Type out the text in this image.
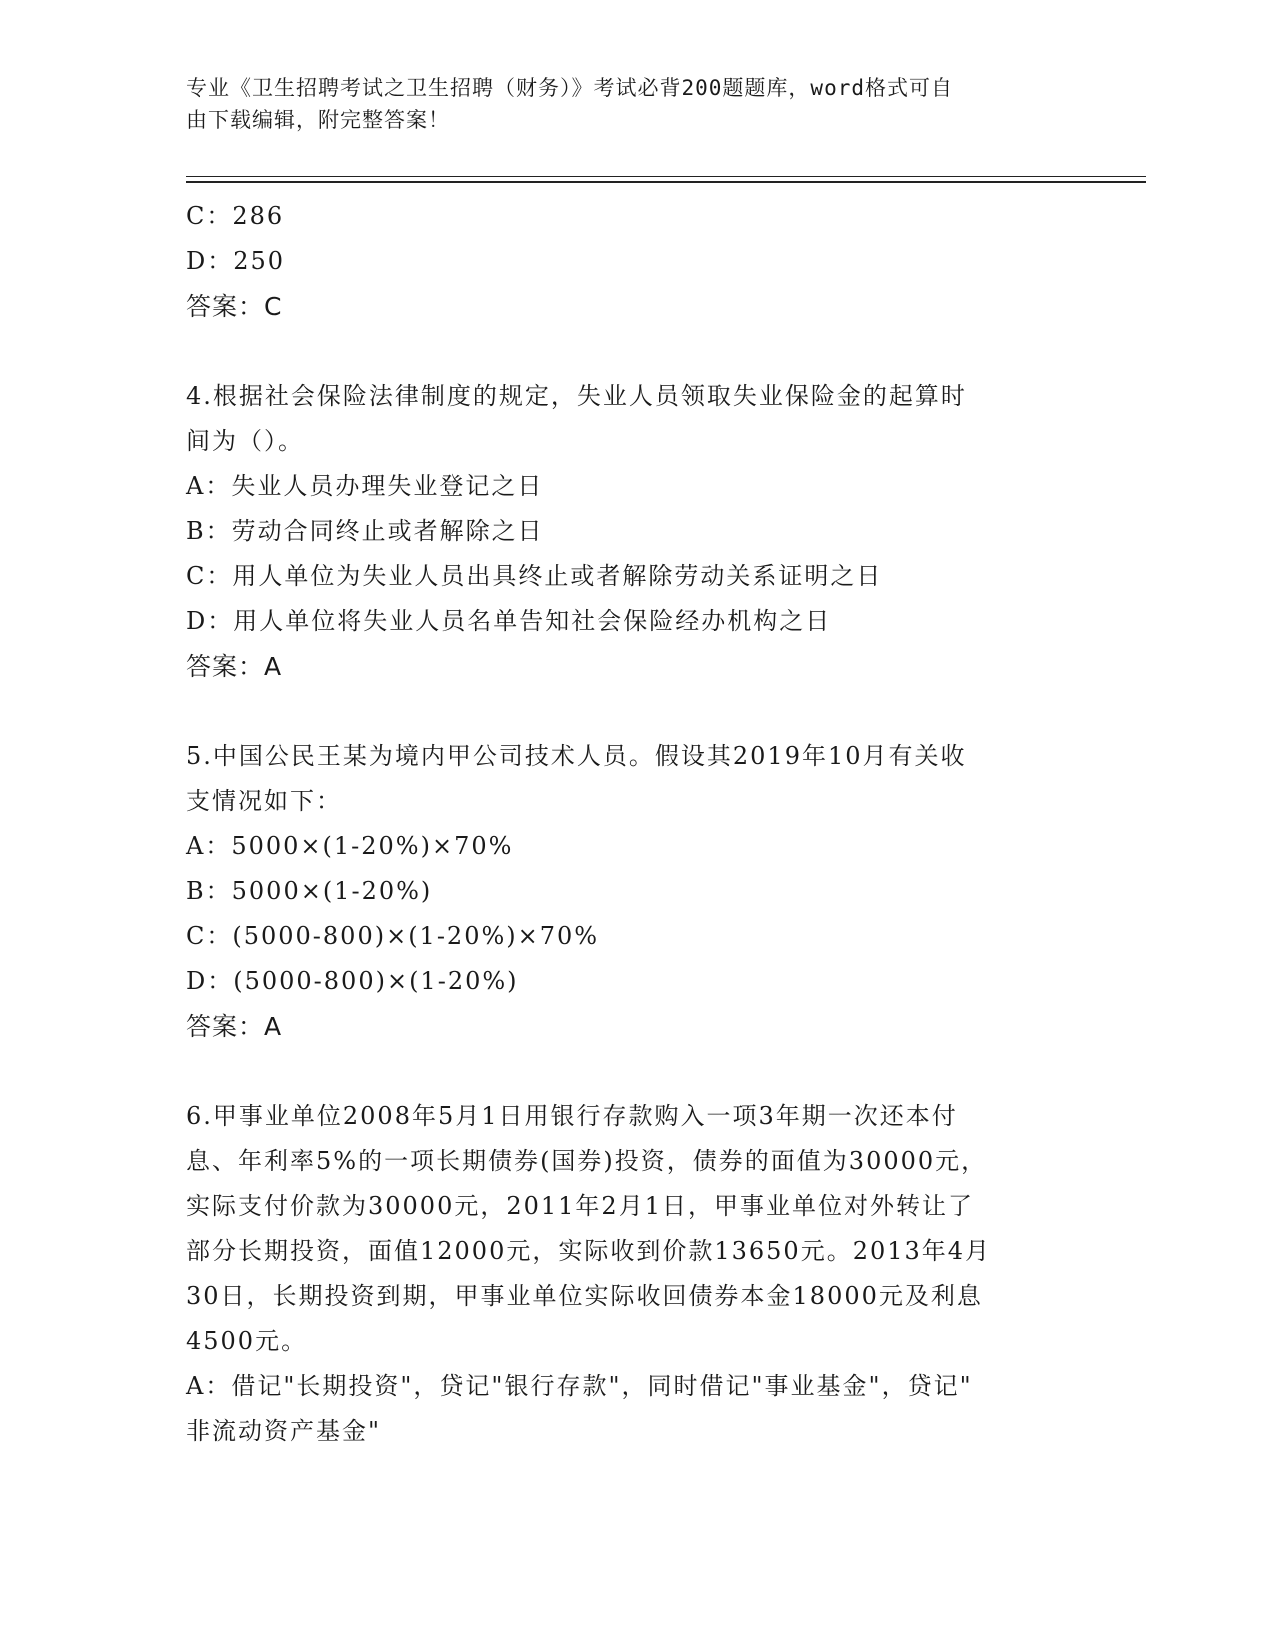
专业《卫生招聘考试之卫生招聘（财务）》考试必背200题题库，word格式可自
由下载编辑，附完整答案！
C：286
D：250
答案：C
4.根据社会保险法律制度的规定，失业人员领取失业保险金的起算时
间为（）。
A：失业人员办理失业登记之日
B：劳动合同终止或者解除之日
C：用人单位为失业人员出具终止或者解除劳动关系证明之日
D：用人单位将失业人员名单告知社会保险经办机构之日
答案：A
5.中国公民王某为境内甲公司技术人员。假设其2019年10月有关收
支情况如下：
A：5000×(1-20%)×70%
B：5000×(1-20%)
C：(5000-800)×(1-20%)×70%
D：(5000-800)×(1-20%)
答案：A
6.甲事业单位2008年5月1日用银行存款购入一项3年期一次还本付
息、年利率5%的一项长期债券(国券)投资，债券的面值为30000元，
实际支付价款为30000元，2011年2月1日，甲事业单位对外转让了
部分长期投资，面值12000元，实际收到价款13650元。2013年4月
30日，长期投资到期，甲事业单位实际收回债券本金18000元及利息
4500元。
A：借记"长期投资"，贷记"银行存款"，同时借记"事业基金"，贷记"
非流动资产基金"
